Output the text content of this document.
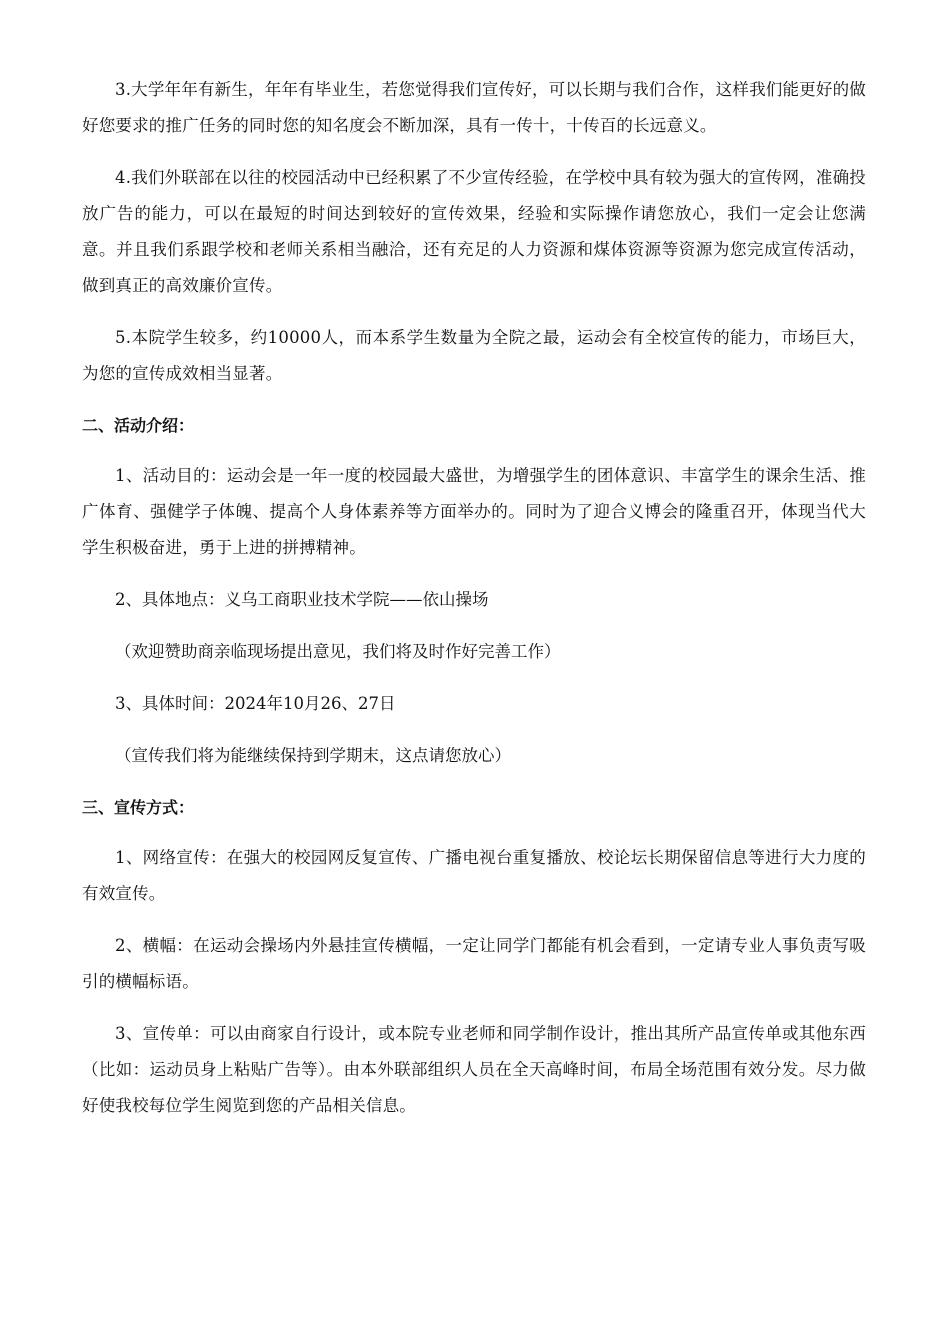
3.大学年年有新生，年年有毕业生，若您觉得我们宣传好，可以长期与我们合作，这样我们能更好的做好您要求的推广任务的同时您的知名度会不断加深，具有一传十，十传百的长远意义。

4.我们外联部在以往的校园活动中已经积累了不少宣传经验，在学校中具有较为强大的宣传网，准确投放广告的能力，可以在最短的时间达到较好的宣传效果，经验和实际操作请您放心，我们一定会让您满意。并且我们系跟学校和老师关系相当融洽，还有充足的人力资源和煤体资源等资源为您完成宣传活动，做到真正的高效廉价宣传。

5.本院学生较多，约10000人，而本系学生数量为全院之最，运动会有全校宣传的能力，市场巨大，为您的宣传成效相当显著。

二、活动介绍：

1、活动目的：运动会是一年一度的校园最大盛世，为增强学生的团体意识、丰富学生的课余生活、推广体育、强健学子体魄、提高个人身体素养等方面举办的。同时为了迎合义博会的隆重召开，体现当代大学生积极奋进，勇于上进的拼搏精神。

2、具体地点：义乌工商职业技术学院——依山操场

（欢迎赞助商亲临现场提出意见，我们将及时作好完善工作）

3、具体时间：2024年10月26、27日

（宣传我们将为能继续保持到学期末，这点请您放心）

三、宣传方式：

1、网络宣传：在强大的校园网反复宣传、广播电视台重复播放、校论坛长期保留信息等进行大力度的有效宣传。

2、横幅：在运动会操场内外悬挂宣传横幅，一定让同学门都能有机会看到，一定请专业人事负责写吸引的横幅标语。

3、宣传单：可以由商家自行设计，或本院专业老师和同学制作设计，推出其所产品宣传单或其他东西（比如：运动员身上粘贴广告等）。由本外联部组织人员在全天高峰时间，布局全场范围有效分发。尽力做好使我校每位学生阅览到您的产品相关信息。
